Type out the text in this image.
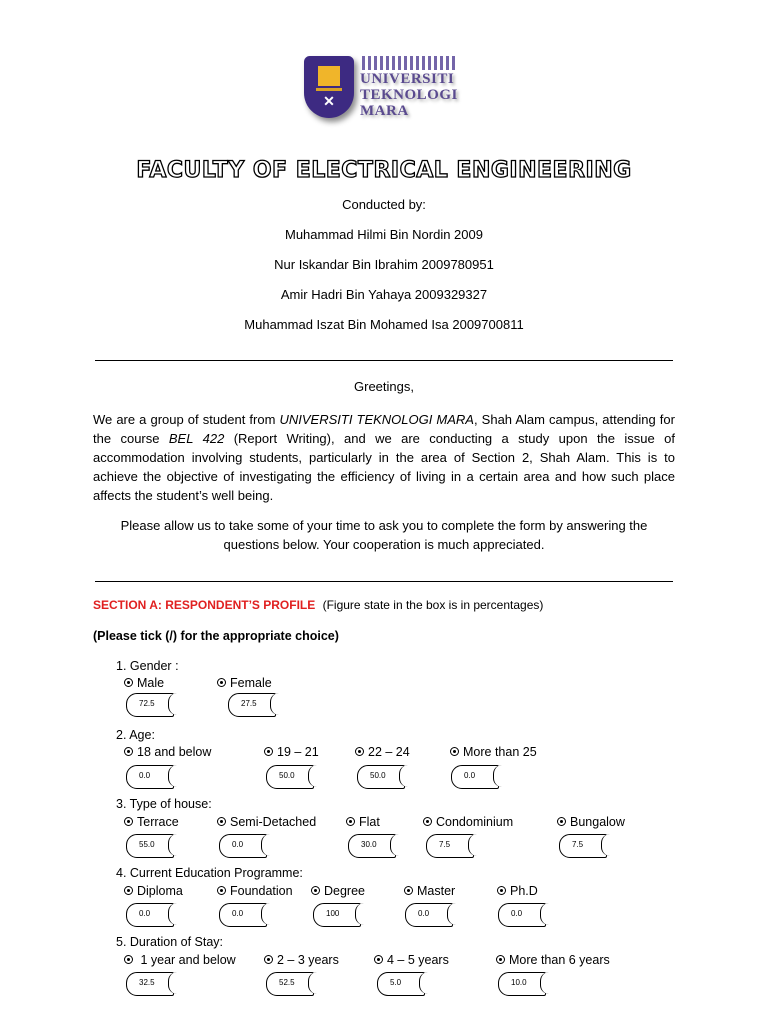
✕
UNIVERSITI
TEKNOLOGI
MARA
FACULTY OF ELECTRICAL ENGINEERING
Conducted by:
Muhammad Hilmi Bin Nordin 2009
Nur Iskandar Bin Ibrahim 2009780951
Amir Hadri Bin Yahaya 2009329327
Muhammad Iszat Bin Mohamed Isa 2009700811
Greetings,
We are a group of student from UNIVERSITI TEKNOLOGI MARA, Shah Alam campus, attending for the course BEL 422 (Report Writing), and we are conducting a study upon the issue of accommodation involving students, particularly in the area of Section 2, Shah Alam. This is to achieve the objective of investigating the efficiency of living in a certain area and how such place affects the student’s well being.
Please allow us to take some of your time to ask you to complete the form by answering the questions below. Your cooperation is much appreciated.
SECTION A: RESPONDENT’S PROFILE (Figure state in the box is in percentages)
(Please tick (/) for the appropriate choice)
1. Gender :
Male	Female
72.5	27.5
2. Age:
18 and below	19 – 21	22 – 24	More than 25
0.0	50.0	50.0	0.0
3. Type of house:
Terrace	Semi-Detached	Flat	Condominium	Bungalow
55.0	0.0	30.0	7.5	7.5
4. Current Education Programme:
Diploma	Foundation	Degree	Master	Ph.D
0.0	0.0	100	0.0	0.0
5. Duration of Stay:
1 year and below	2 – 3 years	4 – 5 years	More than 6 years
32.5	52.5	5.0	10.0
